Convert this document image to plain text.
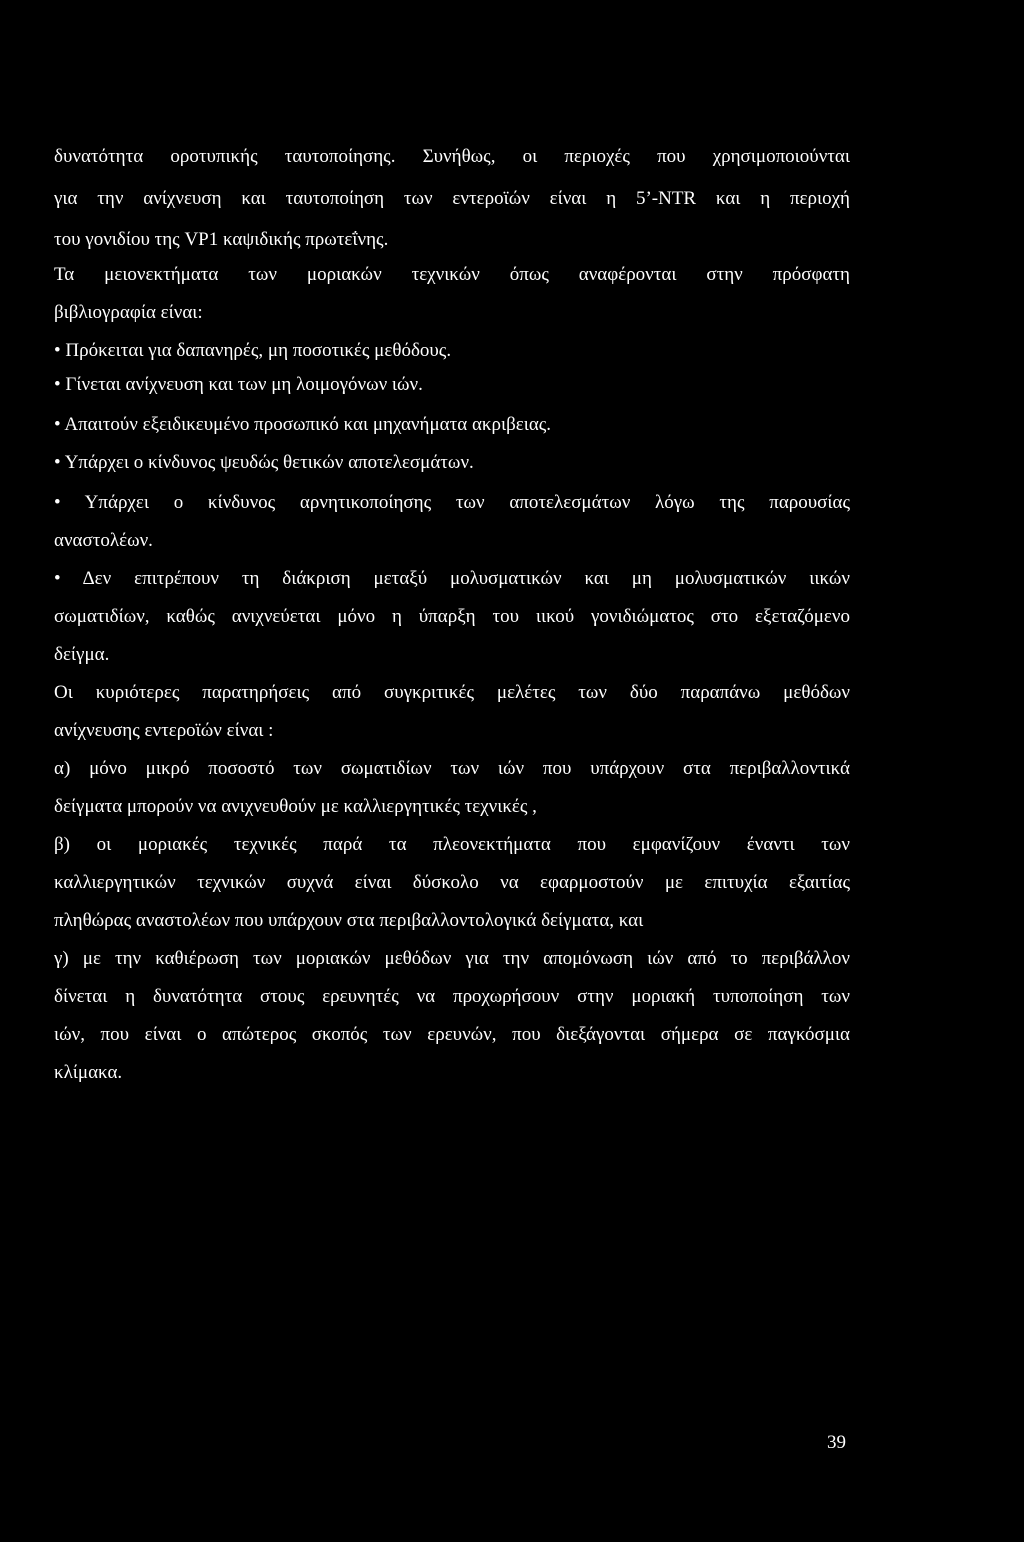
δυνατότητα οροτυπικής ταυτοποίησης. Συνήθως, οι περιοχές που χρησιμοποιούνται
για την ανίχνευση και ταυτοποίηση των εντεροϊών είναι η 5’-NTR και η περιοχή
του γονιδίου της VP1 καψιδικής πρωτεΐνης.
Τα μειονεκτήματα των μοριακών τεχνικών όπως αναφέρονται στην πρόσφατη
βιβλιογραφία είναι:
• Πρόκειται για δαπανηρές, μη ποσοτικές μεθόδους.
• Γίνεται ανίχνευση και των μη λοιμογόνων ιών.
• Απαιτούν εξειδικευμένο προσωπικό και μηχανήματα ακριβειας.
• Υπάρχει ο κίνδυνος ψευδώς θετικών αποτελεσμάτων.
• Υπάρχει ο κίνδυνος αρνητικοποίησης των αποτελεσμάτων λόγω της παρουσίας
αναστολέων.
• Δεν επιτρέπουν τη διάκριση μεταξύ μολυσματικών και μη μολυσματικών ιικών
σωματιδίων, καθώς ανιχνεύεται μόνο η ύπαρξη του ιικού γονιδιώματος στο εξεταζόμενο
δείγμα.
Οι κυριότερες παρατηρήσεις από συγκριτικές μελέτες των δύο παραπάνω μεθόδων
ανίχνευσης εντεροϊών είναι :
α) μόνο μικρό ποσοστό των σωματιδίων των ιών που υπάρχουν στα περιβαλλοντικά
δείγματα μπορούν να ανιχνευθούν με καλλιεργητικές τεχνικές ,
β) οι μοριακές τεχνικές παρά τα πλεονεκτήματα που εμφανίζουν έναντι των
καλλιεργητικών τεχνικών συχνά είναι δύσκολο να εφαρμοστούν με επιτυχία εξαιτίας
πληθώρας αναστολέων που υπάρχουν στα περιβαλλοντολογικά δείγματα, και
γ) με την καθιέρωση των μοριακών μεθόδων για την απομόνωση ιών από το περιβάλλον
δίνεται η δυνατότητα στους ερευνητές να προχωρήσουν στην μοριακή τυποποίηση των
ιών, που είναι ο απώτερος σκοπός των ερευνών, που διεξάγονται σήμερα σε παγκόσμια
κλίμακα.
39
